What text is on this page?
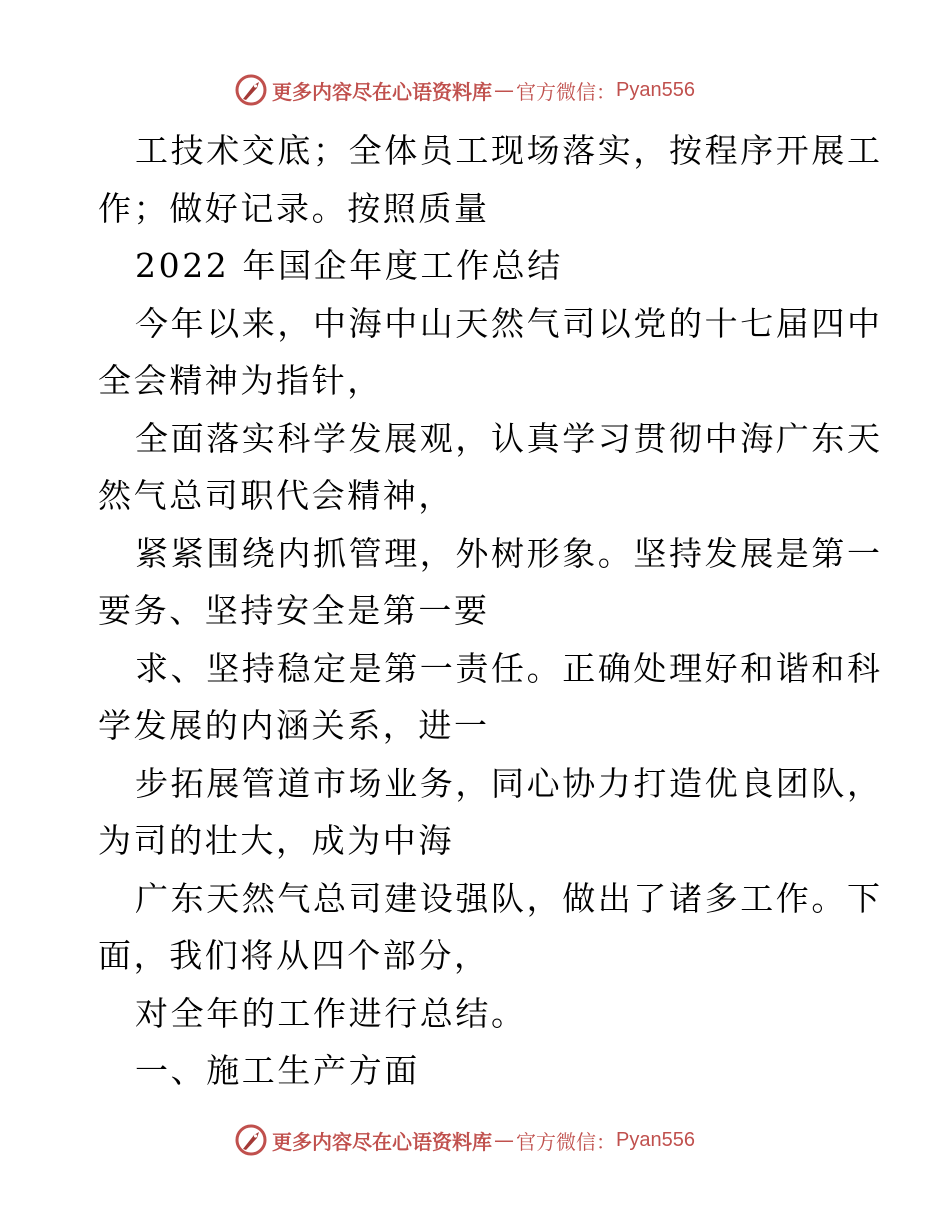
更多内容尽在心语资料库 — 官方微信： Pyan556
工技术交底；全体员工现场落实，按程序开展工
作；做好记录。按照质量
2022 年国企年度工作总结
今年以来，中海中山天然气司以党的十七届四中
全会精神为指针，
全面落实科学发展观，认真学习贯彻中海广东天
然气总司职代会精神，
紧紧围绕内抓管理，外树形象。坚持发展是第一
要务、坚持安全是第一要
求、坚持稳定是第一责任。正确处理好和谐和科
学发展的内涵关系，进一
步拓展管道市场业务，同心协力打造优良团队，
为司的壮大，成为中海
广东天然气总司建设强队，做出了诸多工作。下
面，我们将从四个部分，
对全年的工作进行总结。
一、施工生产方面
更多内容尽在心语资料库 — 官方微信： Pyan556
